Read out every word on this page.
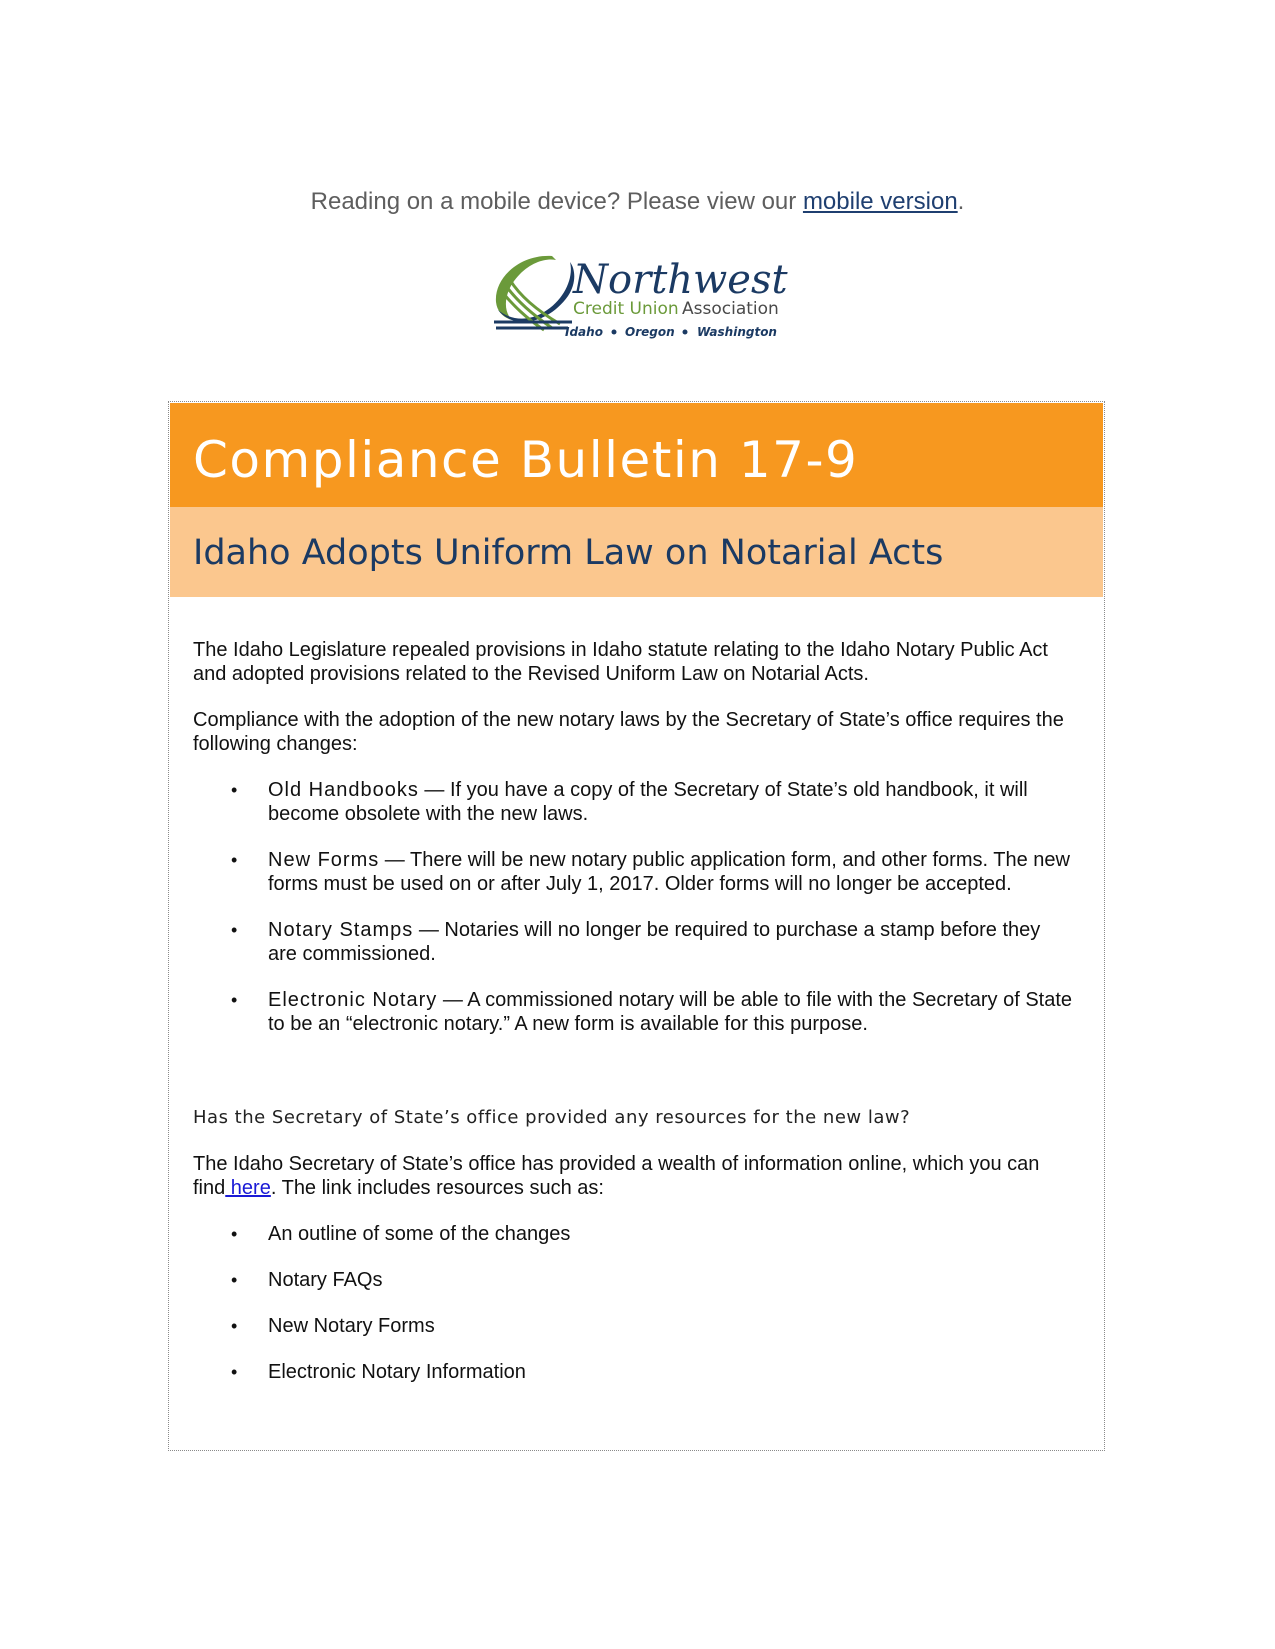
Reading on a mobile device? Please view our mobile version.
Northwest
Credit Union Association
Idaho Oregon Washington
Compliance Bulletin 17-9
Idaho Adopts Uniform Law on Notarial Acts

The Idaho Legislature repealed provisions in Idaho statute relating to the Idaho Notary Public Act and adopted provisions related to the Revised Uniform Law on Notarial Acts.

Compliance with the adoption of the new notary laws by the Secretary of State’s office requires the following changes:

• Old Handbooks — If you have a copy of the Secretary of State’s old handbook, it will become obsolete with the new laws.
• New Forms — There will be new notary public application form, and other forms. The new forms must be used on or after July 1, 2017. Older forms will no longer be accepted.
• Notary Stamps — Notaries will no longer be required to purchase a stamp before they are commissioned.
• Electronic Notary — A commissioned notary will be able to file with the Secretary of State to be an “electronic notary.” A new form is available for this purpose.

Has the Secretary of State’s office provided any resources for the new law?

The Idaho Secretary of State’s office has provided a wealth of information online, which you can find here. The link includes resources such as:

• An outline of some of the changes
• Notary FAQs
• New Notary Forms
• Electronic Notary Information
